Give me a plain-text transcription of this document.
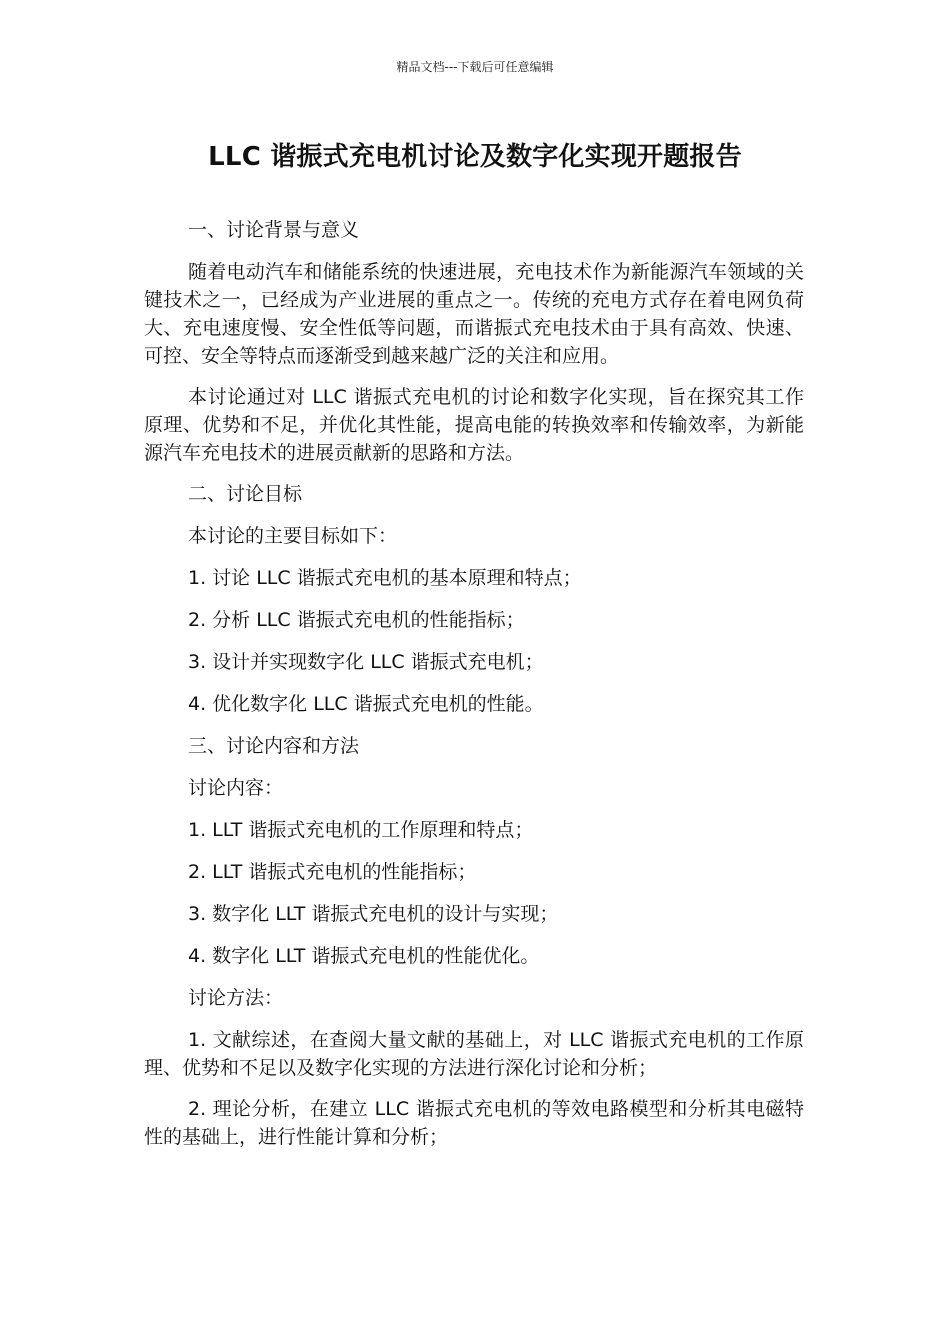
精品文档---下载后可任意编辑
LLC 谐振式充电机讨论及数字化实现开题报告

一、讨论背景与意义

随着电动汽车和储能系统的快速进展，充电技术作为新能源汽车领域的关键技术之一，已经成为产业进展的重点之一。传统的充电方式存在着电网负荷大、充电速度慢、安全性低等问题，而谐振式充电技术由于具有高效、快速、可控、安全等特点而逐渐受到越来越广泛的关注和应用。

本讨论通过对 LLC 谐振式充电机的讨论和数字化实现，旨在探究其工作原理、优势和不足，并优化其性能，提高电能的转换效率和传输效率，为新能源汽车充电技术的进展贡献新的思路和方法。

二、讨论目标

本讨论的主要目标如下：

1. 讨论 LLC 谐振式充电机的基本原理和特点；

2. 分析 LLC 谐振式充电机的性能指标；

3. 设计并实现数字化 LLC 谐振式充电机；

4. 优化数字化 LLC 谐振式充电机的性能。

三、讨论内容和方法

讨论内容：

1. LLT 谐振式充电机的工作原理和特点；

2. LLT 谐振式充电机的性能指标；

3. 数字化 LLT 谐振式充电机的设计与实现；

4. 数字化 LLT 谐振式充电机的性能优化。

讨论方法：

1. 文献综述，在查阅大量文献的基础上，对 LLC 谐振式充电机的工作原理、优势和不足以及数字化实现的方法进行深化讨论和分析；

2. 理论分析，在建立 LLC 谐振式充电机的等效电路模型和分析其电磁特性的基础上，进行性能计算和分析；
